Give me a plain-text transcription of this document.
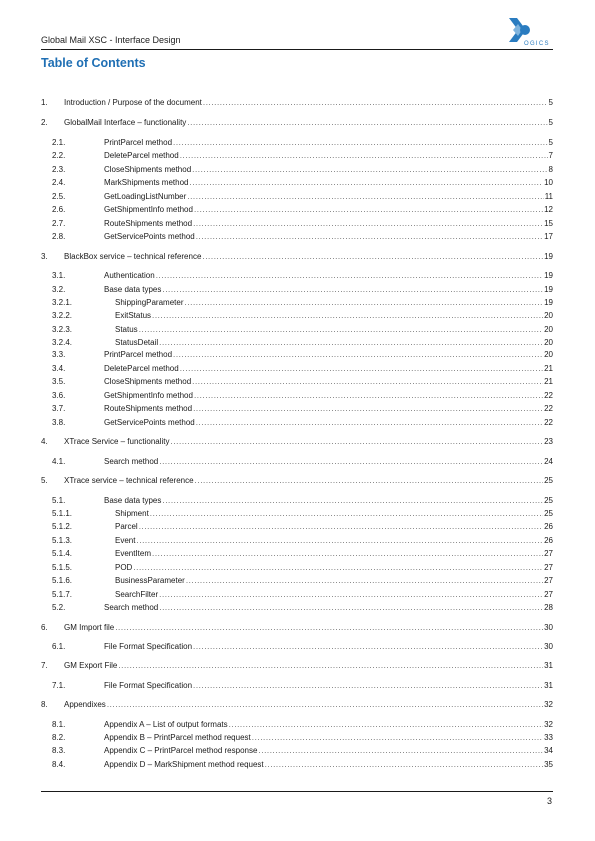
Global Mail XSC - Interface Design	OGICS
Table of Contents
1.	Introduction / Purpose of the document .....	5
2.	GlobalMail Interface – functionality .....	5
2.1.	PrintParcel method .....	5
2.2.	DeleteParcel method .....	7
2.3.	CloseShipments method .....	8
2.4.	MarkShipments method .....	10
2.5.	GetLoadingListNumber .....	11
2.6.	GetShipmentInfo method .....	12
2.7.	RouteShipments method .....	15
2.8.	GetServicePoints method .....	17
3.	BlackBox service – technical reference .....	19
3.1.	Authentication .....	19
3.2.	Base data types .....	19
3.2.1.	ShippingParameter .....	19
3.2.2.	ExitStatus .....	20
3.2.3.	Status .....	20
3.2.4.	StatusDetail .....	20
3.3.	PrintParcel method .....	20
3.4.	DeleteParcel method .....	21
3.5.	CloseShipments method .....	21
3.6.	GetShipmentInfo method .....	22
3.7.	RouteShipments method .....	22
3.8.	GetServicePoints method .....	22
4.	XTrace Service – functionality .....	23
4.1.	Search method .....	24
5.	XTrace service – technical reference .....	25
5.1.	Base data types .....	25
5.1.1.	Shipment .....	25
5.1.2.	Parcel .....	26
5.1.3.	Event .....	26
5.1.4.	EventItem .....	27
5.1.5.	POD .....	27
5.1.6.	BusinessParameter .....	27
5.1.7.	SearchFilter .....	27
5.2.	Search method .....	28
6.	GM Import file .....	30
6.1.	File Format Specification .....	30
7.	GM Export File .....	31
7.1.	File Format Specification .....	31
8.	Appendixes .....	32
8.1.	Appendix A – List of output formats .....	32
8.2.	Appendix B – PrintParcel method request .....	33
8.3.	Appendix C – PrintParcel method response .....	34
8.4.	Appendix D – MarkShipment method request .....	35
3
